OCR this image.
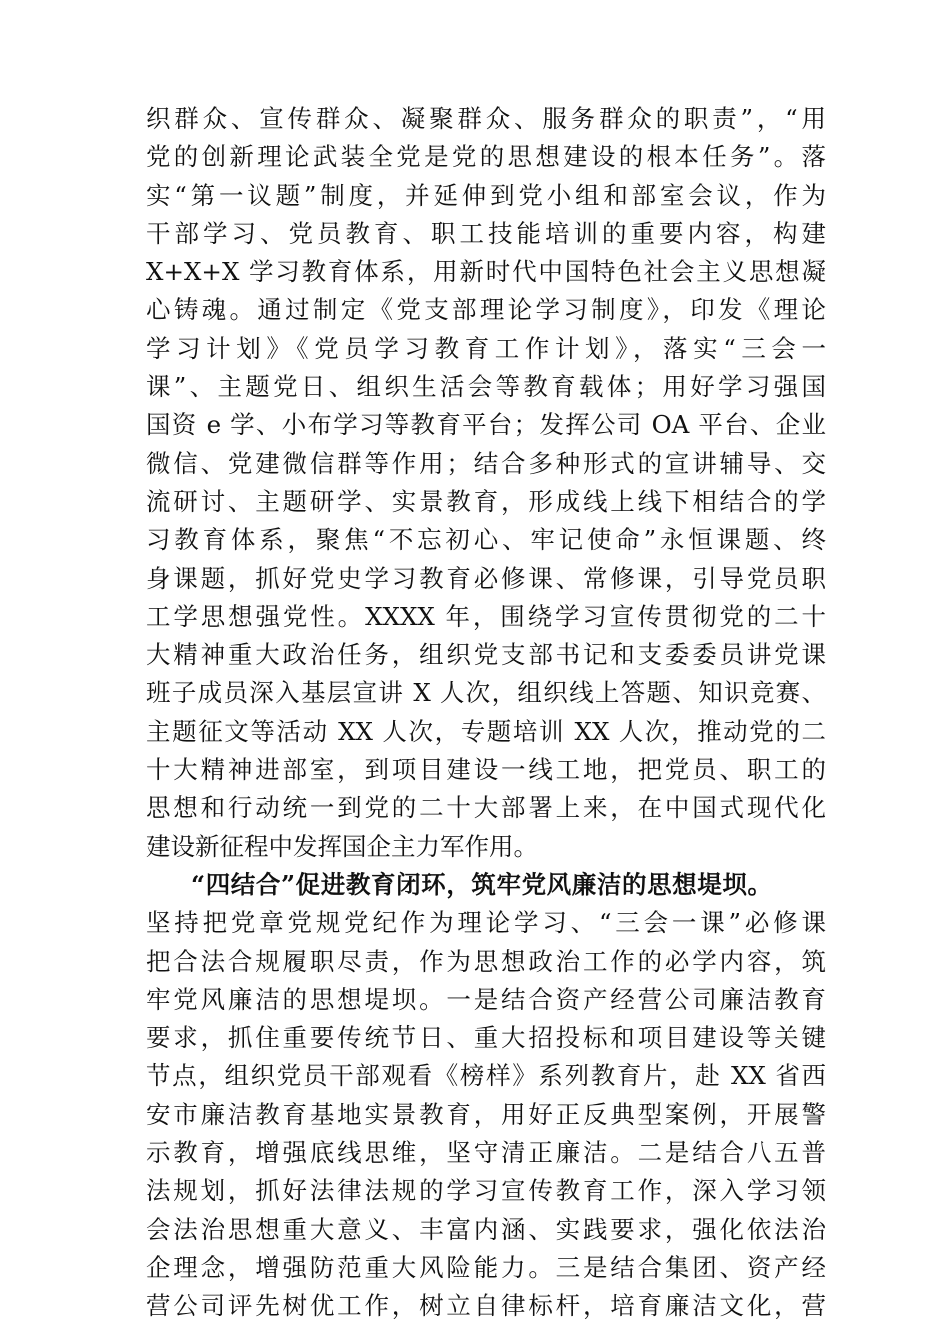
织群众、宣传群众、凝聚群众、服务群众的职责”，“用
党的创新理论武装全党是党的思想建设的根本任务”。落
实“第一议题”制度，并延伸到党小组和部室会议，作为
干部学习、党员教育、职工技能培训的重要内容，构建
X+X+X 学习教育体系，用新时代中国特色社会主义思想凝
心铸魂。通过制定《党支部理论学习制度》，印发《理论
学习计划》《党员学习教育工作计划》，落实“三会一
课”、主题党日、组织生活会等教育载体；用好学习强国
国资 e 学、小布学习等教育平台；发挥公司 OA 平台、企业
微信、党建微信群等作用；结合多种形式的宣讲辅导、交
流研讨、主题研学、实景教育，形成线上线下相结合的学
习教育体系，聚焦“不忘初心、牢记使命”永恒课题、终
身课题，抓好党史学习教育必修课、常修课，引导党员职
工学思想强党性。XXXX 年，围绕学习宣传贯彻党的二十
大精神重大政治任务，组织党支部书记和支委委员讲党课
班子成员深入基层宣讲 X 人次，组织线上答题、知识竞赛、
主题征文等活动 XX 人次，专题培训 XX 人次，推动党的二
十大精神进部室，到项目建设一线工地，把党员、职工的
思想和行动统一到党的二十大部署上来，在中国式现代化
建设新征程中发挥国企主力军作用。
“四结合”促进教育闭环，筑牢党风廉洁的思想堤坝。
坚持把党章党规党纪作为理论学习、“三会一课”必修课
把合法合规履职尽责，作为思想政治工作的必学内容，筑
牢党风廉洁的思想堤坝。一是结合资产经营公司廉洁教育
要求，抓住重要传统节日、重大招投标和项目建设等关键
节点，组织党员干部观看《榜样》系列教育片，赴 XX 省西
安市廉洁教育基地实景教育，用好正反典型案例，开展警
示教育，增强底线思维，坚守清正廉洁。二是结合八五普
法规划，抓好法律法规的学习宣传教育工作，深入学习领
会法治思想重大意义、丰富内涵、实践要求，强化依法治
企理念，增强防范重大风险能力。三是结合集团、资产经
营公司评先树优工作，树立自律标杆，培育廉洁文化，营
